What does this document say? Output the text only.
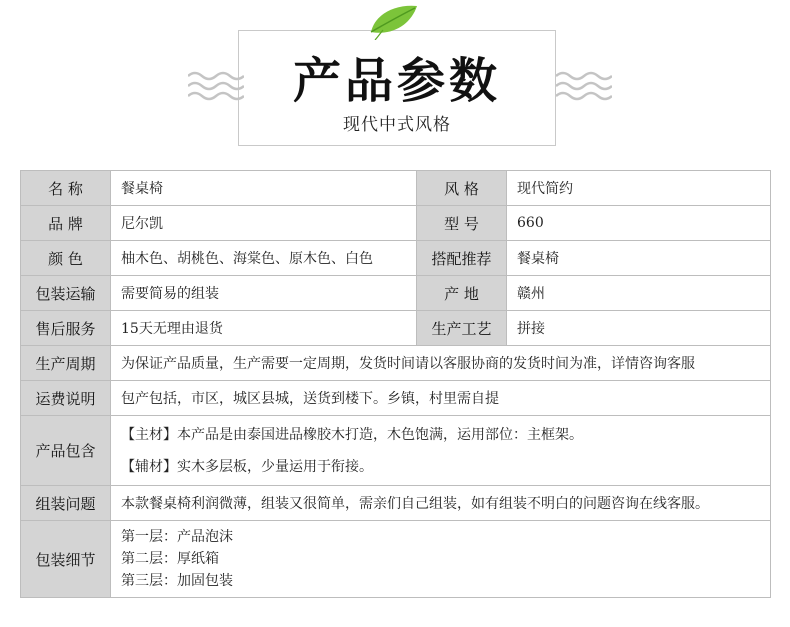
产品参数
现代中式风格
名 称	餐桌椅	风 格	现代简约
品 牌	尼尔凯	型 号	660
颜 色	柚木色、胡桃色、海棠色、原木色、白色	搭配推荐	餐桌椅
包装运输	需要简易的组装	产 地	赣州
售后服务	15天无理由退货	生产工艺	拼接
生产周期	为保证产品质量，生产需要一定周期，发货时间请以客服协商的发货时间为准，详情咨询客服		
运费说明	包产包括，市区，城区县城，送货到楼下。乡镇，村里需自提		
产品包含	【主材】本产品是由泰国进品橡胶木打造，木色饱满，运用部位：主框架。
【辅材】实木多层板，少量运用于衔接。		

组装问题	本款餐桌椅利润微薄，组装又很简单，需亲们自己组装，如有组装不明白的问题咨询在线客服。		
包装细节	第一层：产品泡沫
第二层：厚纸箱
第三层：加固包装		
